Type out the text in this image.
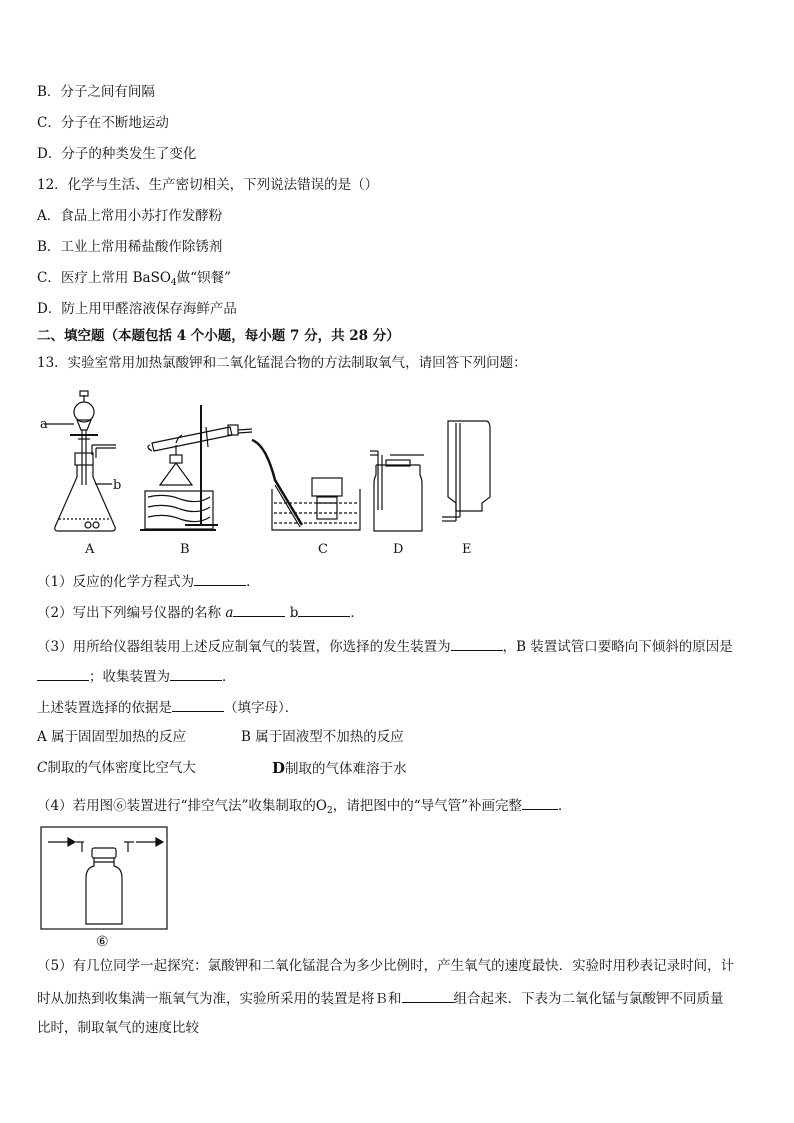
B．分子之间有间隔
C．分子在不断地运动
D．分子的种类发生了变化
12．化学与生活、生产密切相关，下列说法错误的是（）
A．食品上常用小苏打作发酵粉
B．工业上常用稀盐酸作除锈剂
C．医疗上常用 BaSO$_4$做“钡餐”
D．防上用甲醛溶液保存海鲜产品
二、填空题（本题包括 4 个小题，每小题 7 分，共 28 分）
13．实验室常用加热氯酸钾和二氧化锰混合物的方法制取氧气，请回答下列问题：
a
b
A	B	C	D	E
（1）反应的化学方程式为	．
（2）写出下列编号仪器的名称 a	b	．
（3）用所给仪器组装用上述反应制氧气的装置，你选择的发生装置为	，B 装置试管口要略向下倾斜的原因是
；收集装置为	．
上述装置选择的依据是	（填字母）．
A 属于固固型加热的反应	B 属于固液型不加热的反应
C制取的气体密度比空气大	D制取的气体难溶于水
（4）若用图⑥装置进行“排空气法”收集制取的$O_2$，请把图中的“导气管”补画完整	．
⑥
（5）有几位同学一起探究：氯酸钾和二氧化锰混合为多少比例时，产生氧气的速度最快．实验时用秒表记录时间，计
时从加热到收集满一瓶氧气为准，实验所采用的装置是将Ｂ和	组合起来．下表为二氧化锰与氯酸钾不同质量
比时，制取氧气的速度比较
